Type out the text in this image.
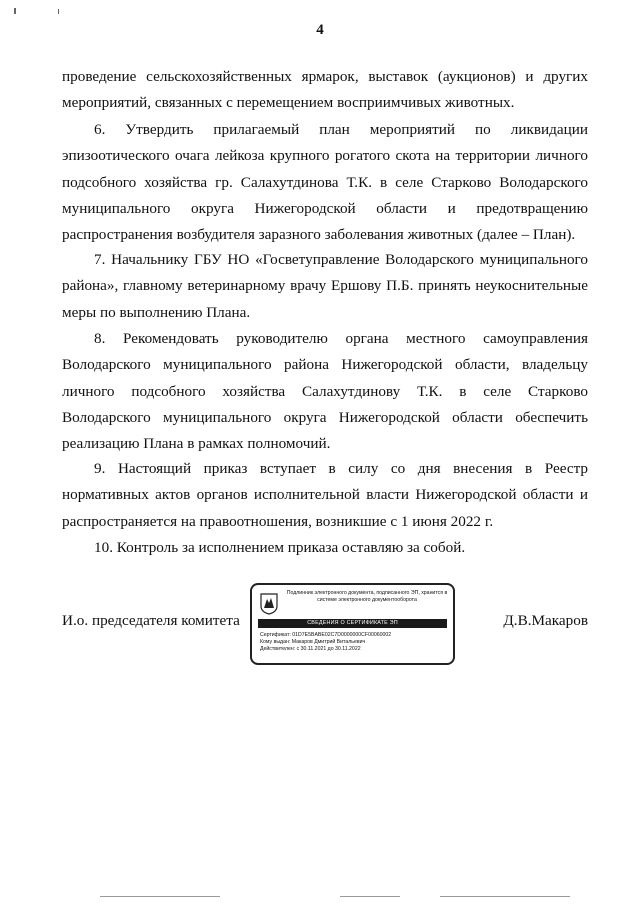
4

проведение сельскохозяйственных ярмарок, выставок (аукционов) и других мероприятий, связанных с перемещением восприимчивых животных.

6. Утвердить прилагаемый план мероприятий по ликвидации эпизоотического очага лейкоза крупного рогатого скота на территории личного подсобного хозяйства гр. Салахутдинова Т.К. в селе Старково Володарского муниципального округа Нижегородской области и предотвращению распространения возбудителя заразного заболевания животных (далее – План).

7. Начальнику ГБУ НО «Госветуправление Володарского муниципального района», главному ветеринарному врачу Ершову П.Б. принять неукоснительные меры по выполнению Плана.

8. Рекомендовать руководителю органа местного самоуправления Володарского муниципального района Нижегородской области, владельцу личного подсобного хозяйства Салахутдинову Т.К. в селе Старково Володарского муниципального округа Нижегородской области обеспечить реализацию Плана в рамках полномочий.

9. Настоящий приказ вступает в силу со дня внесения в Реестр нормативных актов органов исполнительной власти Нижегородской области и распространяется на правоотношения, возникшие с 1 июня 2022 г.

10. Контроль за исполнением приказа оставляю за собой.

И.о. председателя комитета
Подлинник электронного документа, подписанного ЭП, хранится в системе электронного документооборота
СВЕДЕНИЯ О СЕРТИФИКАТЕ ЭП
Сертификат: 01D7E5BABE02C7D0000000CF00060002
Кому выдан: Макаров Дмитрий Витальевич
Действителен: с 30.11.2021 до 30.11.2022
Д.В.Макаров
